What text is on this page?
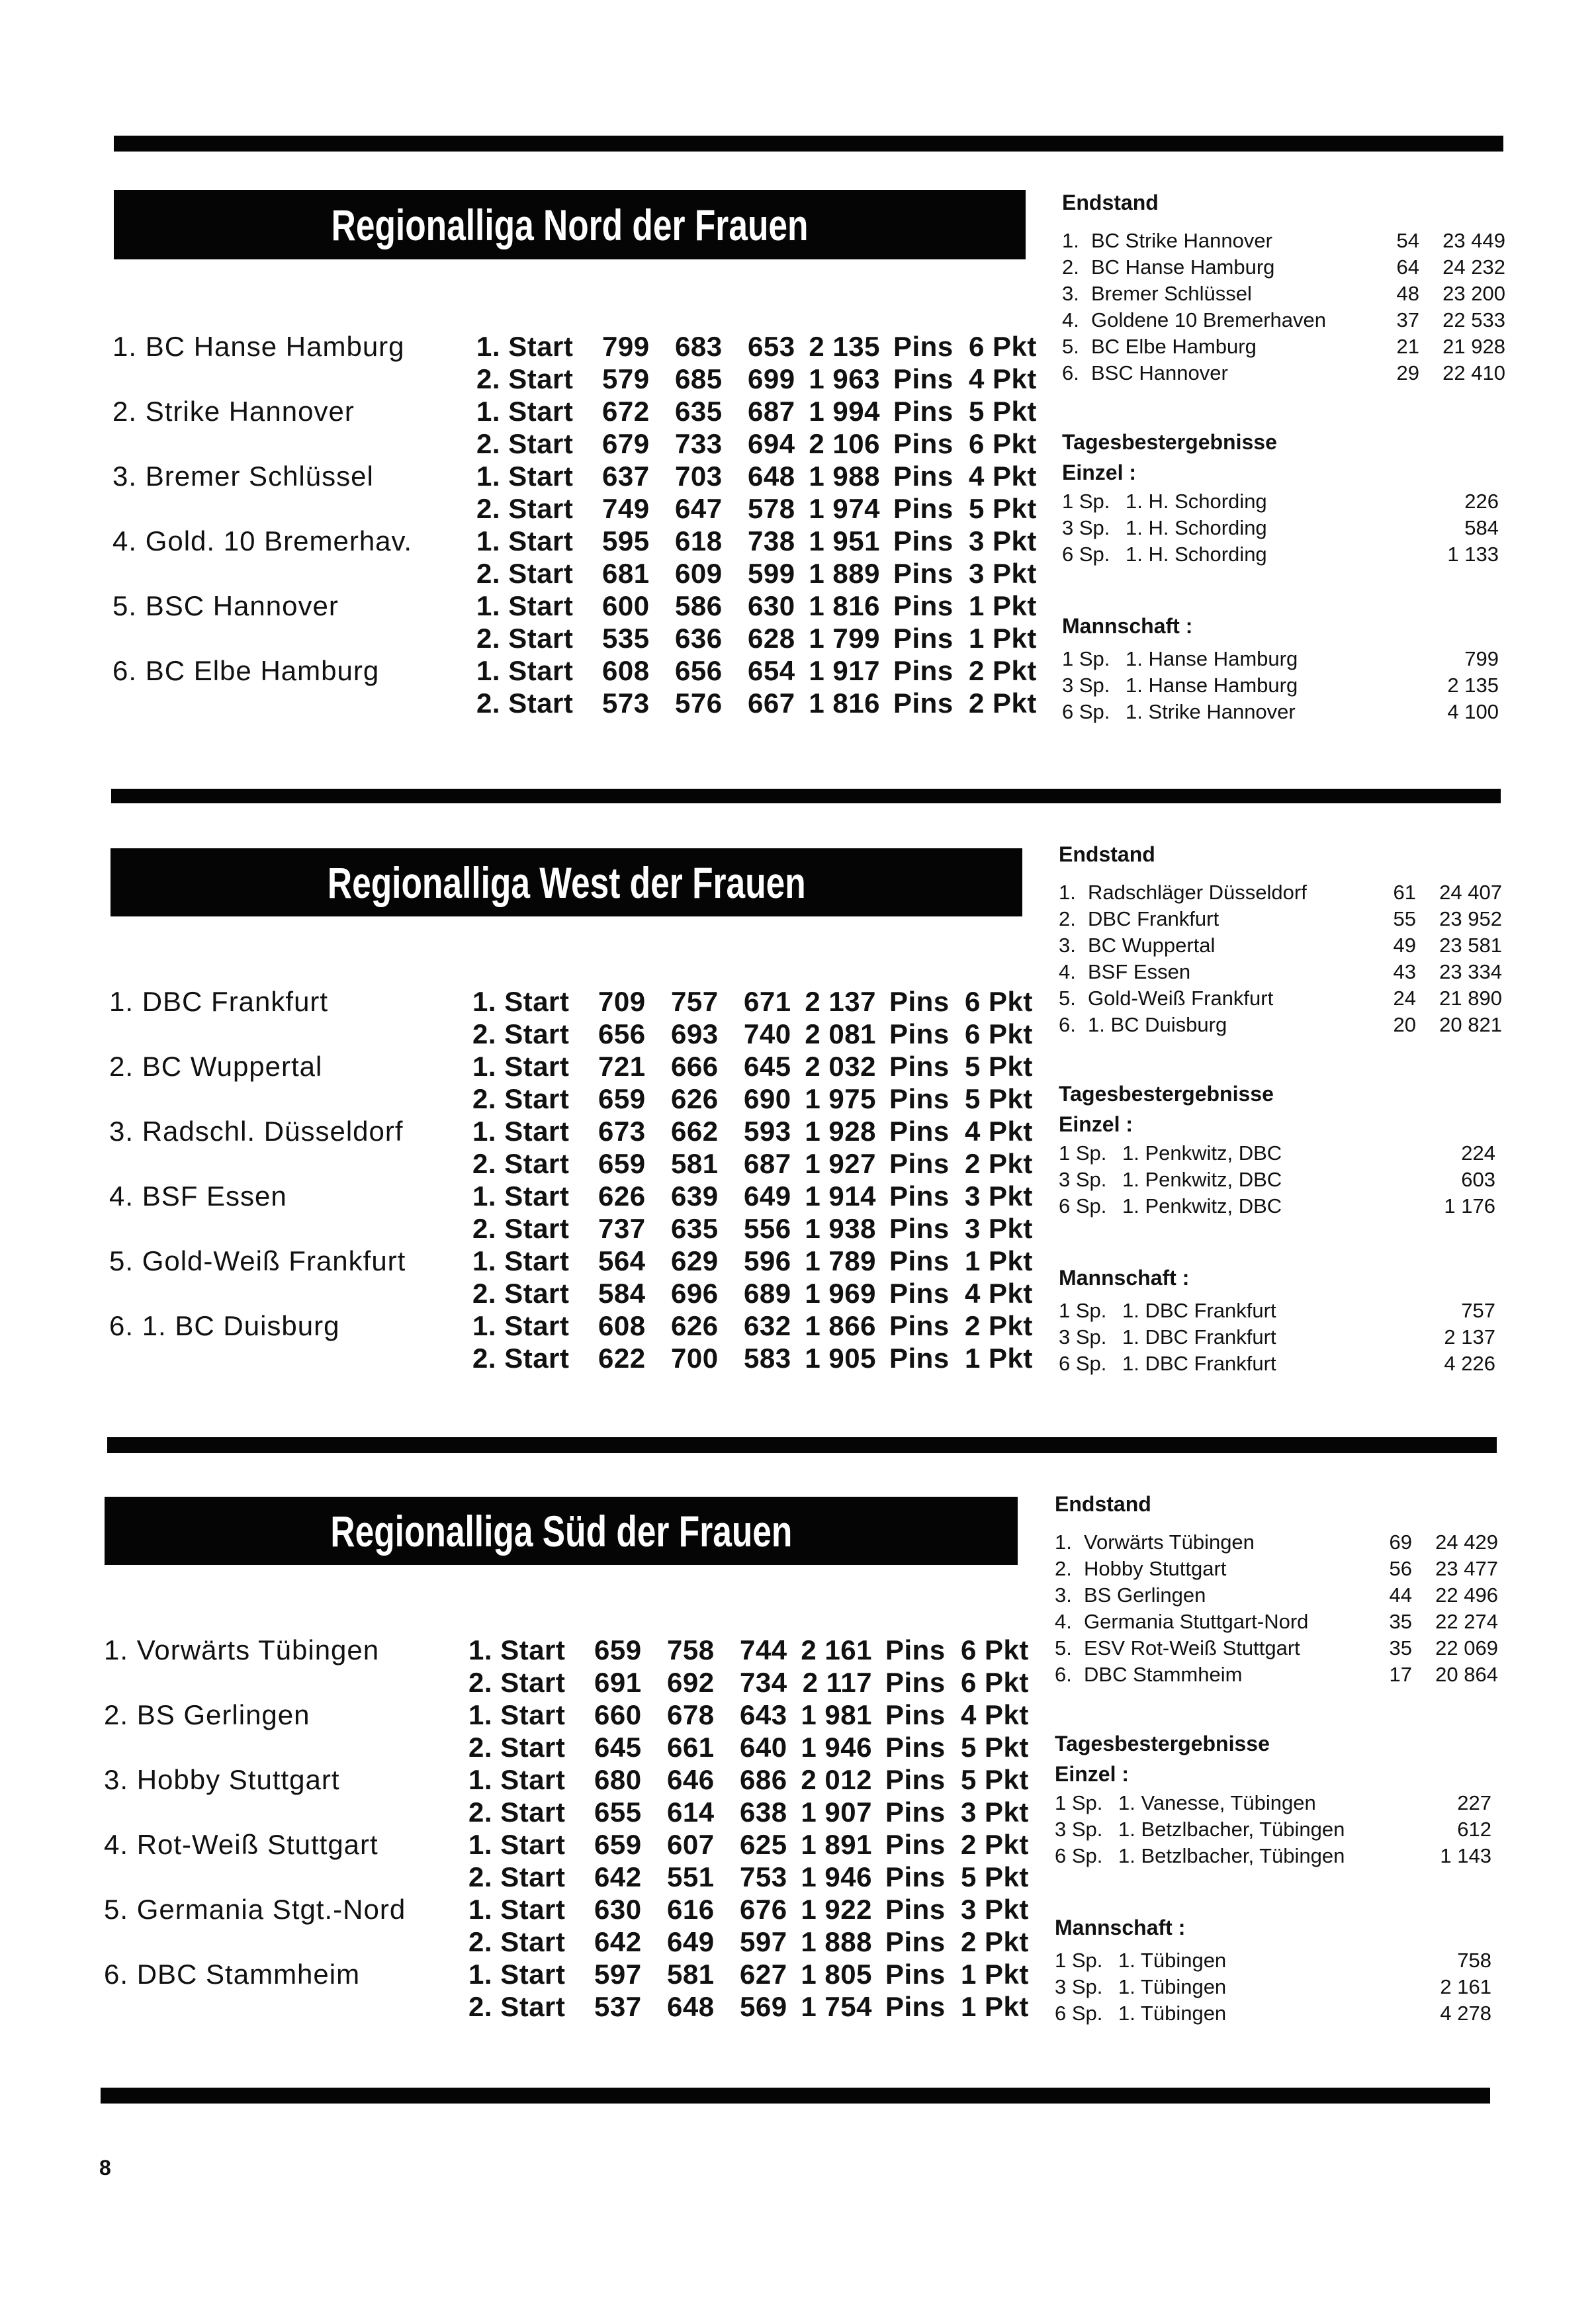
Regionalliga Nord der Frauen
1. BC Hanse Hamburg	1. Start 799 683 653 2 135 Pins 6 Pkt
2. Start 579 685 699 1 963 Pins 4 Pkt
2. Strike Hannover	1. Start 672 635 687 1 994 Pins 5 Pkt
2. Start 679 733 694 2 106 Pins 6 Pkt
3. Bremer Schlüssel	1. Start 637 703 648 1 988 Pins 4 Pkt
2. Start 749 647 578 1 974 Pins 5 Pkt
4. Gold. 10 Bremerhav. 1. Start 595 618 738 1 951 Pins 3 Pkt
2. Start 681 609 599 1 889 Pins 3 Pkt
5. BSC Hannover	1. Start 600 586 630 1 816 Pins 1 Pkt
2. Start 535 636 628 1 799 Pins 1 Pkt
6. BC Elbe Hamburg	1. Start 608 656 654 1 917 Pins 2 Pkt
2. Start 573 576 667 1 816 Pins 2 Pkt
Endstand
1. BC Strike Hannover	54	23 449
2. BC Hanse Hamburg	64	24 232
3. Bremer Schlüssel	48	23 200
4. Goldene 10 Bremerhaven	37	22 533
5. BC Elbe Hamburg	21	21 928
6. BSC Hannover	29	22 410
Tagesbestergebnisse
Einzel :
1 Sp. 1. H. Schording	226
3 Sp. 1. H. Schording	584
6 Sp. 1. H. Schording	1 133
Mannschaft :
1 Sp. 1. Hanse Hamburg	799
3 Sp. 1. Hanse Hamburg	2 135
6 Sp. 1. Strike Hannover	4 100
Regionalliga West der Frauen
1. DBC Frankfurt	1. Start 709 757 671 2 137 Pins 6 Pkt
2. Start 656 693 740 2 081 Pins 6 Pkt
2. BC Wuppertal	1. Start 721 666 645 2 032 Pins 5 Pkt
2. Start 659 626 690 1 975 Pins 5 Pkt
3. Radschl. Düsseldorf 1. Start 673 662 593 1 928 Pins 4 Pkt
2. Start 659 581 687 1 927 Pins 2 Pkt
4. BSF Essen	1. Start 626 639 649 1 914 Pins 3 Pkt
2. Start 737 635 556 1 938 Pins 3 Pkt
5. Gold-Weiß Frankfurt 1. Start 564 629 596 1 789 Pins 1 Pkt
2. Start 584 696 689 1 969 Pins 4 Pkt
6. 1. BC Duisburg	1. Start 608 626 632 1 866 Pins 2 Pkt
2. Start 622 700 583 1 905 Pins 1 Pkt
Endstand
1. Radschläger Düsseldorf	61	24 407
2. DBC Frankfurt	55	23 952
3. BC Wuppertal	49	23 581
4. BSF Essen	43	23 334
5. Gold-Weiß Frankfurt	24	21 890
6. 1. BC Duisburg	20	20 821
Tagesbestergebnisse
Einzel :
1 Sp. 1. Penkwitz, DBC	224
3 Sp. 1. Penkwitz, DBC	603
6 Sp. 1. Penkwitz, DBC	1 176
Mannschaft :
1 Sp. 1. DBC Frankfurt	757
3 Sp. 1. DBC Frankfurt	2 137
6 Sp. 1. DBC Frankfurt	4 226
Regionalliga Süd der Frauen
1. Vorwärts Tübingen	1. Start 659 758 744 2 161 Pins 6 Pkt
2. Start 691 692 734 2 117 Pins 6 Pkt
2. BS Gerlingen	1. Start 660 678 643 1 981 Pins 4 Pkt
2. Start 645 661 640 1 946 Pins 5 Pkt
3. Hobby Stuttgart	1. Start 680 646 686 2 012 Pins 5 Pkt
2. Start 655 614 638 1 907 Pins 3 Pkt
4. Rot-Weiß Stuttgart	1. Start 659 607 625 1 891 Pins 2 Pkt
2. Start 642 551 753 1 946 Pins 5 Pkt
5. Germania Stgt.-Nord 1. Start 630 616 676 1 922 Pins 3 Pkt
2. Start 642 649 597 1 888 Pins 2 Pkt
6. DBC Stammheim	1. Start 597 581 627 1 805 Pins 1 Pkt
2. Start 537 648 569 1 754 Pins 1 Pkt
Endstand
1. Vorwärts Tübingen	69	24 429
2. Hobby Stuttgart	56	23 477
3. BS Gerlingen	44	22 496
4. Germania Stuttgart-Nord	35	22 274
5. ESV Rot-Weiß Stuttgart	35	22 069
6. DBC Stammheim	17	20 864
Tagesbestergebnisse
Einzel :
1 Sp. 1. Vanesse, Tübingen	227
3 Sp. 1. Betzlbacher, Tübingen	612
6 Sp. 1. Betzlbacher, Tübingen	1 143
Mannschaft :
1 Sp. 1. Tübingen	758
3 Sp. 1. Tübingen	2 161
6 Sp. 1. Tübingen	4 278
8
